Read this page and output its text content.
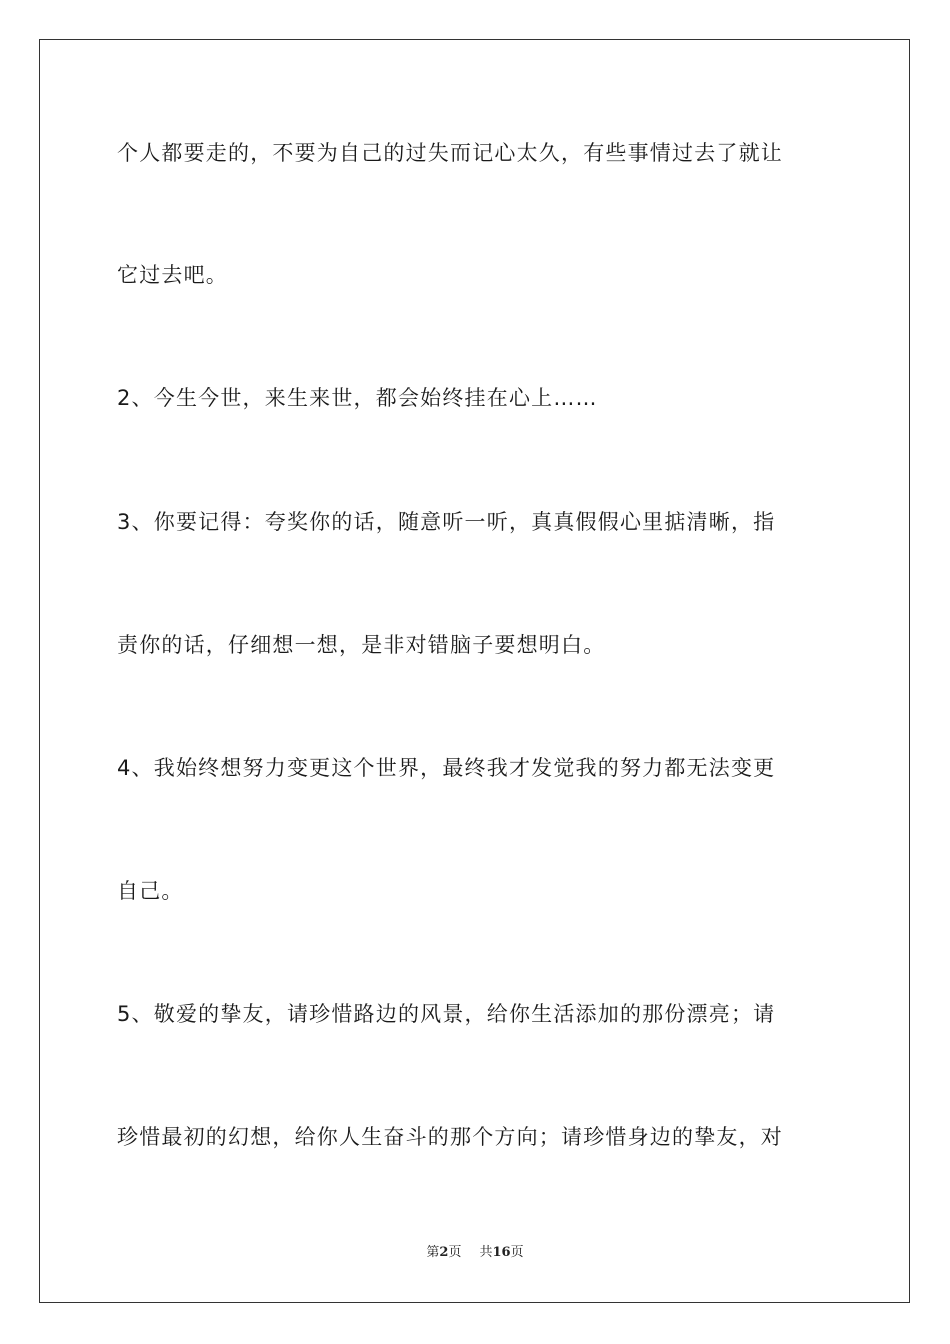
个人都要走的，不要为自己的过失而记心太久，有些事情过去了就让
它过去吧。
2、今生今世，来生来世，都会始终挂在心上……
3、你要记得：夸奖你的话，随意听一听，真真假假心里掂清晰，指
责你的话，仔细想一想，是非对错脑子要想明白。
4、我始终想努力变更这个世界，最终我才发觉我的努力都无法变更
自己。
5、敬爱的挚友，请珍惜路边的风景，给你生活添加的那份漂亮；请
珍惜最初的幻想，给你人生奋斗的那个方向；请珍惜身边的挚友，对
第2页 共16页
